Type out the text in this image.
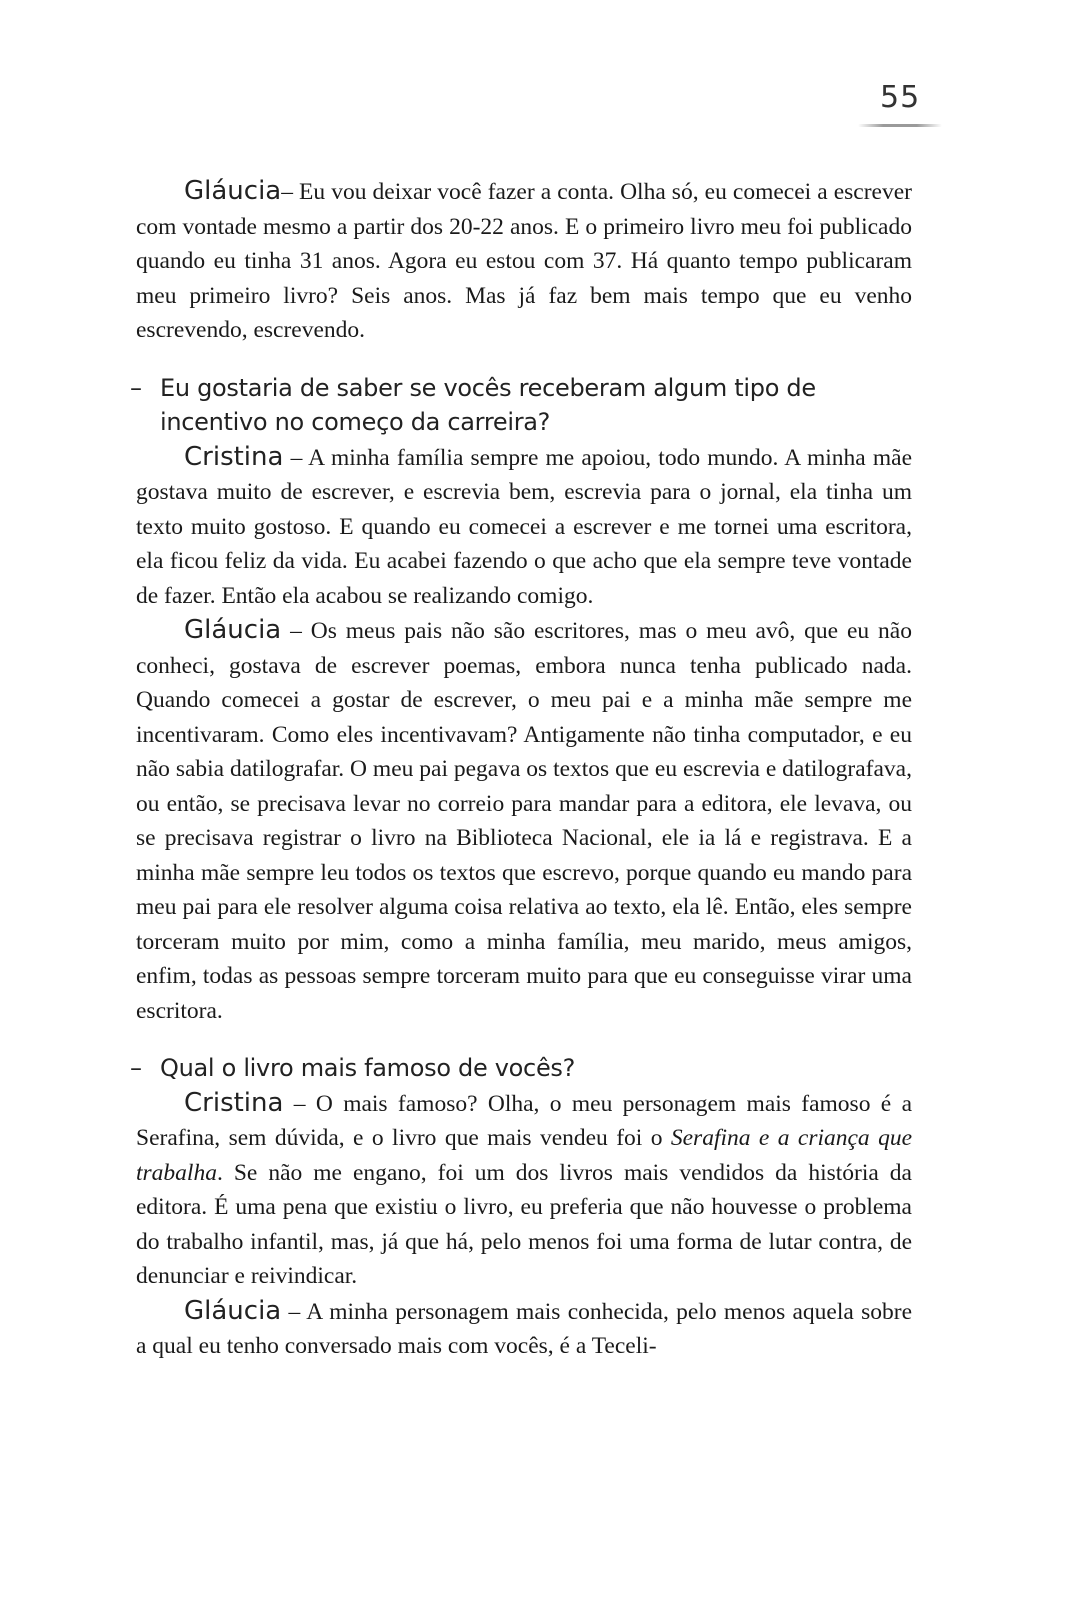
55

Gláucia– Eu vou deixar você fazer a conta. Olha só, eu comecei a escrever com vontade mesmo a partir dos 20-22 anos. E o primeiro livro meu foi publicado quando eu tinha 31 anos. Agora eu estou com 37. Há quanto tempo publicaram meu primeiro livro? Seis anos. Mas já faz bem mais tempo que eu venho escrevendo, escrevendo.

– Eu gostaria de saber se vocês receberam algum tipo de incentivo no começo da carreira?

Cristina – A minha família sempre me apoiou, todo mundo. A minha mãe gostava muito de escrever, e escrevia bem, escrevia para o jornal, ela tinha um texto muito gostoso. E quando eu comecei a escrever e me tornei uma escritora, ela ficou feliz da vida. Eu acabei fazendo o que acho que ela sempre teve vontade de fazer. Então ela acabou se realizando comigo.

Gláucia – Os meus pais não são escritores, mas o meu avô, que eu não conheci, gostava de escrever poemas, embora nunca tenha publicado nada. Quando comecei a gostar de escrever, o meu pai e a minha mãe sempre me incentivaram. Como eles incentivavam? Antigamente não tinha computador, e eu não sabia datilografar. O meu pai pegava os textos que eu escrevia e datilografava, ou então, se precisava levar no correio para mandar para a editora, ele levava, ou se precisava registrar o livro na Biblioteca Nacional, ele ia lá e registrava. E a minha mãe sempre leu todos os textos que escrevo, porque quando eu mando para meu pai para ele resolver alguma coisa relativa ao texto, ela lê. Então, eles sempre torceram muito por mim, como a minha família, meu marido, meus amigos, enfim, todas as pessoas sempre torceram muito para que eu conseguisse virar uma escritora.

– Qual o livro mais famoso de vocês?

Cristina – O mais famoso? Olha, o meu personagem mais famoso é a Serafina, sem dúvida, e o livro que mais vendeu foi o Serafina e a criança que trabalha. Se não me engano, foi um dos livros mais vendidos da história da editora. É uma pena que existiu o livro, eu preferia que não houvesse o problema do trabalho infantil, mas, já que há, pelo menos foi uma forma de lutar contra, de denunciar e reivindicar.

Gláucia – A minha personagem mais conhecida, pelo menos aquela sobre a qual eu tenho conversado mais com vocês, é a Teceli-
